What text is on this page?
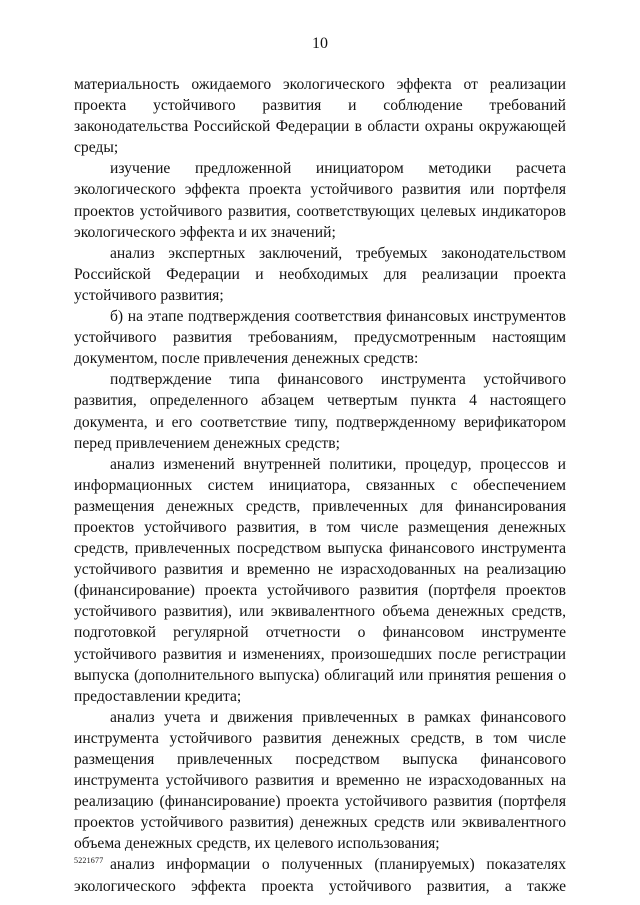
10
материальность ожидаемого экологического эффекта от реализации проекта устойчивого развития и соблюдение требований законодательства Российской Федерации в области охраны окружающей среды;
изучение предложенной инициатором методики расчета экологического эффекта проекта устойчивого развития или портфеля проектов устойчивого развития, соответствующих целевых индикаторов экологического эффекта и их значений;
анализ экспертных заключений, требуемых законодательством Российской Федерации и необходимых для реализации проекта устойчивого развития;
б) на этапе подтверждения соответствия финансовых инструментов устойчивого развития требованиям, предусмотренным настоящим документом, после привлечения денежных средств:
подтверждение типа финансового инструмента устойчивого развития, определенного абзацем четвертым пункта 4 настоящего документа, и его соответствие типу, подтвержденному верификатором перед привлечением денежных средств;
анализ изменений внутренней политики, процедур, процессов и информационных систем инициатора, связанных с обеспечением размещения денежных средств, привлеченных для финансирования проектов устойчивого развития, в том числе размещения денежных средств, привлеченных посредством выпуска финансового инструмента устойчивого развития и временно не израсходованных на реализацию (финансирование) проекта устойчивого развития (портфеля проектов устойчивого развития), или эквивалентного объема денежных средств, подготовкой регулярной отчетности о финансовом инструменте устойчивого развития и изменениях, произошедших после регистрации выпуска (дополнительного выпуска) облигаций или принятия решения о предоставлении кредита;
анализ учета и движения привлеченных в рамках финансового инструмента устойчивого развития денежных средств, в том числе размещения привлеченных посредством выпуска финансового инструмента устойчивого развития и временно не израсходованных на реализацию (финансирование) проекта устойчивого развития (портфеля проектов устойчивого развития) денежных средств или эквивалентного объема денежных средств, их целевого использования;
анализ информации о полученных (планируемых) показателях экологического эффекта проекта устойчивого развития, а также
5221677
